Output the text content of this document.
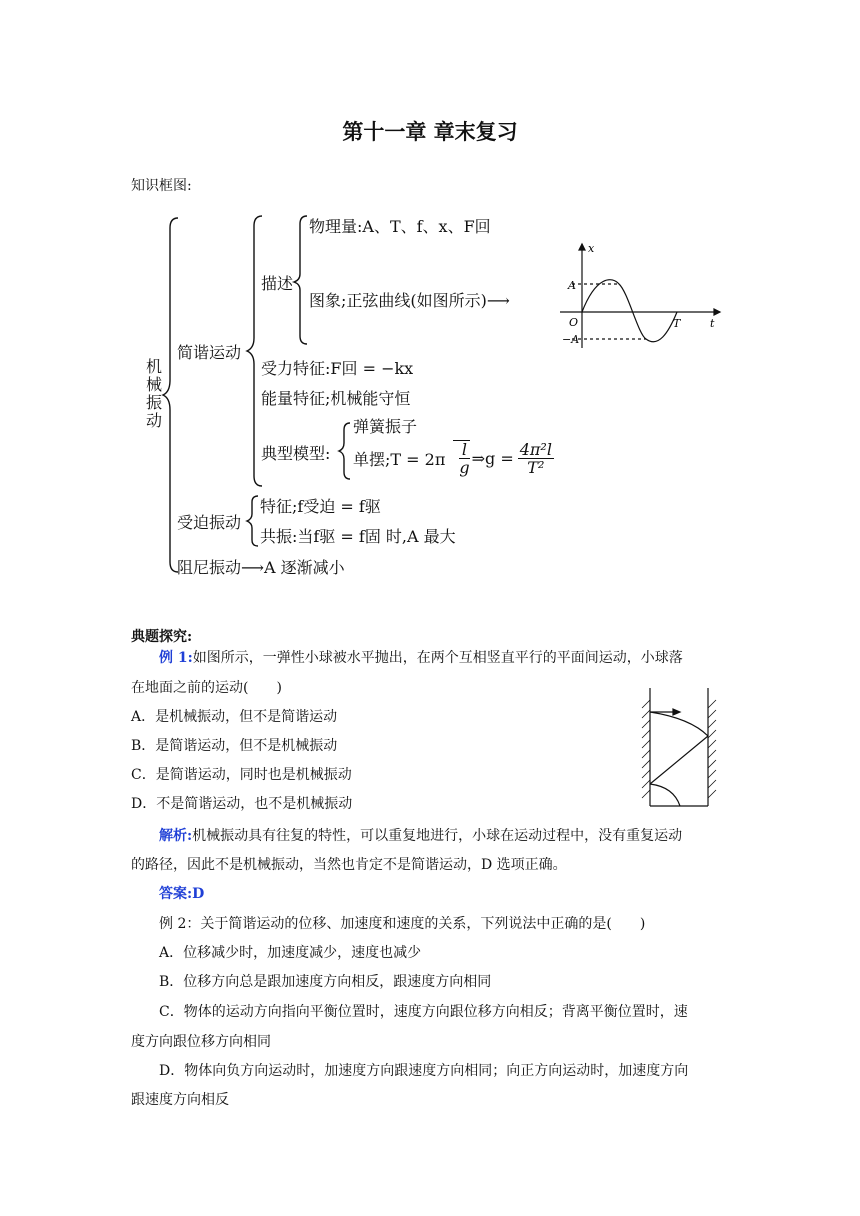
第十一章 章末复习
知识框图:
机械振动
简谐运动
描述
物理量:A、T、f、x、F回
图象;正弦曲线(如图所示)⟶
受力特征:F回 = −kx
能量特征;机械能守恒
典型模型:
弹簧振子
单摆;T = $2\pi \frac{l}{g}$ ⇒g = $\frac{\text{4π²l}}{\text{T²}}$
受迫振动
特征;f受迫 = f驱
共振:当f驱 = f固 时,A 最大
阻尼振动⟶A 逐渐减小
x
t
A
−A
O	T
典题探究:
例 1:如图所示，一弹性小球被水平抛出，在两个互相竖直平行的平面间运动，小球落
在地面之前的运动(　　)
A．是机械振动，但不是简谐运动
B．是简谐运动，但不是机械振动
C．是简谐运动，同时也是机械振动
D．不是简谐运动，也不是机械振动
解析:机械振动具有往复的特性，可以重复地进行，小球在运动过程中，没有重复运动
的路径，因此不是机械振动，当然也肯定不是简谐运动，D 选项正确。
答案:D
例 2：关于简谐运动的位移、加速度和速度的关系，下列说法中正确的是(　　)
A．位移减少时，加速度减少，速度也减少
B．位移方向总是跟加速度方向相反，跟速度方向相同
C．物体的运动方向指向平衡位置时，速度方向跟位移方向相反；背离平衡位置时，速
度方向跟位移方向相同
D．物体向负方向运动时，加速度方向跟速度方向相同；向正方向运动时，加速度方向
跟速度方向相反
